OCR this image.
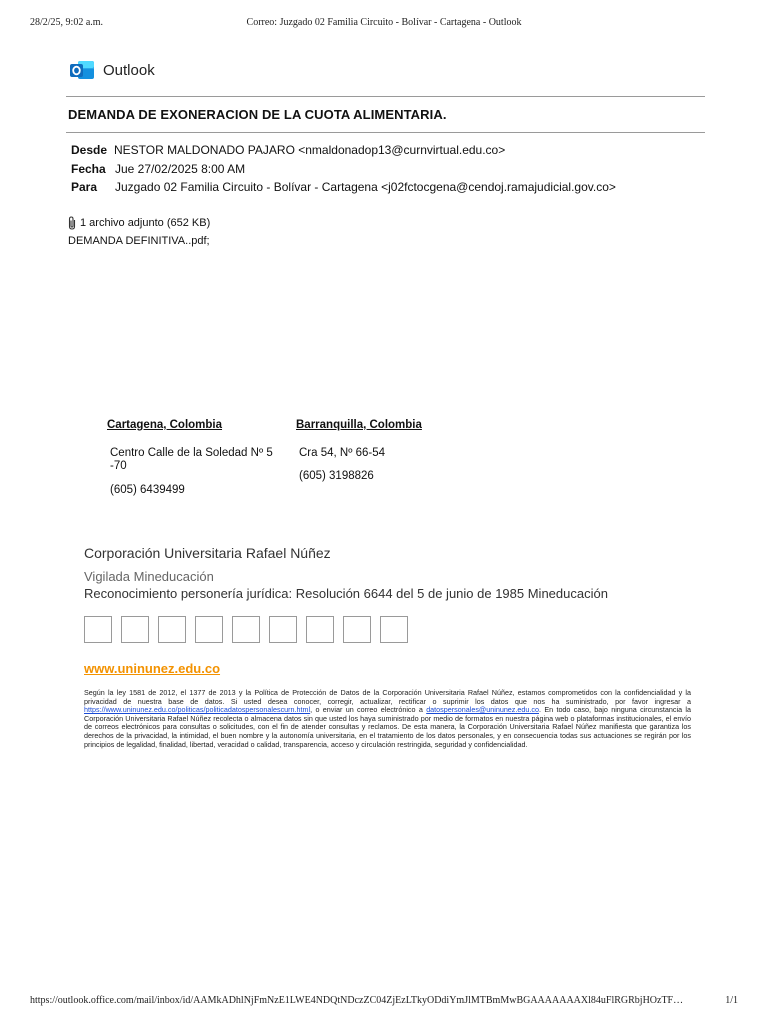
28/2/25, 9:02 a.m.	Correo: Juzgado 02 Familia Circuito - Bolívar - Cartagena - Outlook
Outlook
DEMANDA DE EXONERACION DE LA CUOTA ALIMENTARIA.
Desde NESTOR MALDONADO PAJARO <nmaldonadop13@curnvirtual.edu.co>
Fecha Jue 27/02/2025 8:00 AM
Para Juzgado 02 Familia Circuito - Bolívar - Cartagena <j02fctocgena@cendoj.ramajudicial.gov.co>
1 archivo adjunto (652 KB)
DEMANDA DEFINITIVA..pdf;
Cartagena, Colombia
Centro Calle de la Soledad Nº 5 -70
(605) 6439499
Barranquilla, Colombia
Cra 54, Nº 66-54
(605) 3198826
Corporación Universitaria Rafael Núñez
Vigilada Mineducación
Reconocimiento personería jurídica: Resolución 6644 del 5 de junio de 1985 Mineducación
www.uninunez.edu.co
Según la ley 1581 de 2012, el 1377 de 2013 y la Política de Protección de Datos de la Corporación Universitaria Rafael Núñez, estamos comprometidos con la confidencialidad y la privacidad de nuestra base de datos. Si usted desea conocer, corregir, actualizar, rectificar o suprimir los datos que nos ha suministrado, por favor ingresar a https://www.uninunez.edu.co/politicas/politicadatospersonalescurn.html, o enviar un correo electrónico a datospersonales@uninunez.edu.co. En todo caso, bajo ninguna circunstancia la Corporación Universitaria Rafael Núñez recolecta o almacena datos sin que usted los haya suministrado por medio de formatos en nuestra página web o plataformas institucionales, el envío de correos electrónicos para consultas o solicitudes, con el fin de atender consultas y reclamos. De esta manera, la Corporación Universitaria Rafael Núñez manifiesta que garantiza los derechos de la privacidad, la intimidad, el buen nombre y la autonomía universitaria, en el tratamiento de los datos personales, y en consecuencia todas sus actuaciones se regirán por los principios de legalidad, finalidad, libertad, veracidad o calidad, transparencia, acceso y circulación restringida, seguridad y confidencialidad.
https://outlook.office.com/mail/inbox/id/AAMkADhlNjFmNzE1LWE4NDQtNDczZC04ZjEzLTkyODdiYmJlMTBmMwBGAAAAAAAXl84uFlRGRbjHOzTF…	1/1
